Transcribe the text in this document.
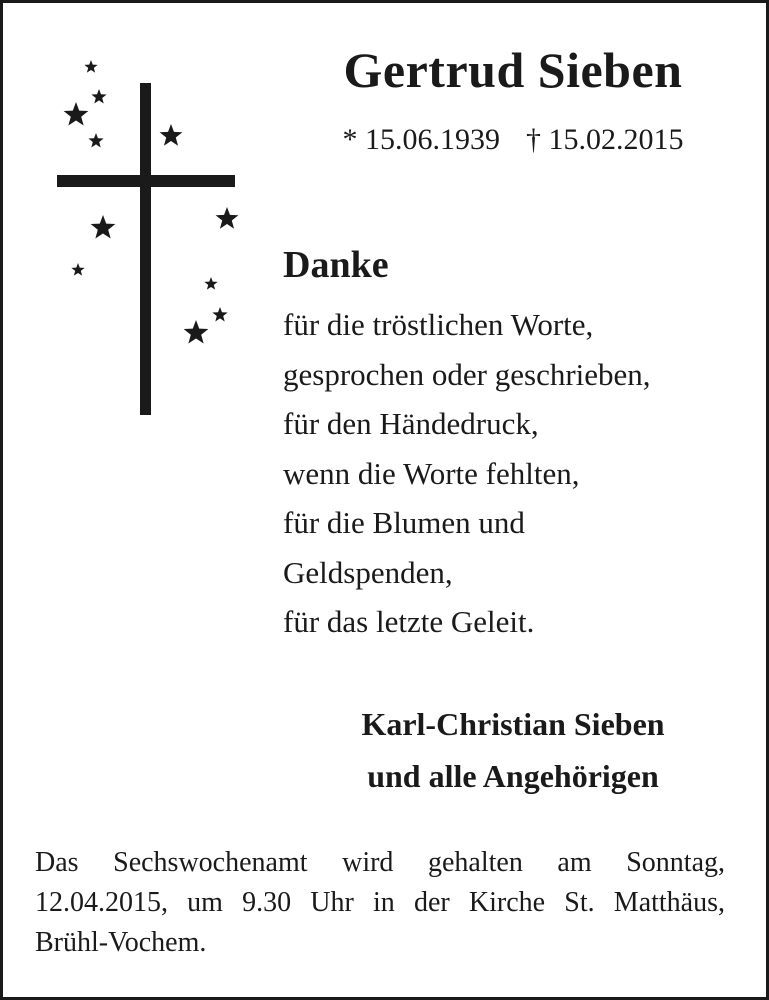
Gertrud Sieben
* 15.06.1939 † 15.02.2015
Danke
für die tröstlichen Worte,
gesprochen oder geschrieben,
für den Händedruck,
wenn die Worte fehlten,
für die Blumen und
Geldspenden,
für das letzte Geleit.
Karl-Christian Sieben
und alle Angehörigen
Das Sechswochenamt wird gehalten am Sonntag,
12.04.2015, um 9.30 Uhr in der Kirche St. Matthäus,
Brühl-Vochem.
